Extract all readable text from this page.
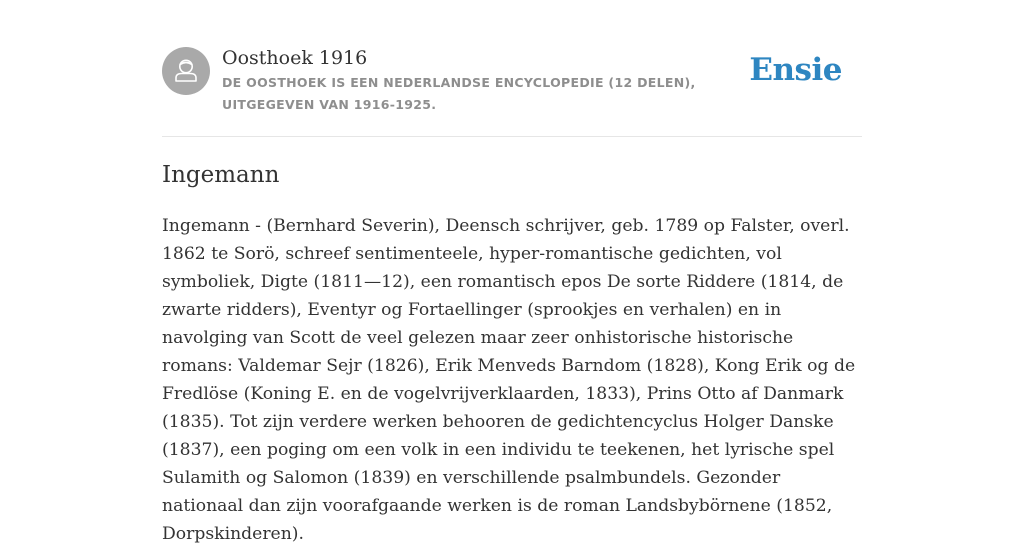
Oosthoek 1916
DE OOSTHOEK IS EEN NEDERLANDSE ENCYCLOPEDIE (12 DELEN), UITGEGEVEN VAN 1916-1925.
Ensie
Ingemann

Ingemann - (Bernhard Severin), Deensch schrijver, geb. 1789 op Falster, overl. 1862 te Sorö, schreef sentimenteele, hyper-romantische gedichten, vol symboliek, Digte (1811—12), een romantisch epos De sorte Riddere (1814, de zwarte ridders), Eventyr og Fortaellinger (sprookjes en verhalen) en in navolging van Scott de veel gelezen maar zeer onhistorische historische romans: Valdemar Sejr (1826), Erik Menveds Barndom (1828), Kong Erik og de Fredlöse (Koning E. en de vogelvrijverklaarden, 1833), Prins Otto af Danmark (1835). Tot zijn verdere werken behooren de gedichtencyclus Holger Danske (1837), een poging om een volk in een individu te teekenen, het lyrische spel Sulamith og Salomon (1839) en verschillende psalmbundels. Gezonder nationaal dan zijn voorafgaande werken is de roman Landsbybörnene (1852, Dorpskinderen).
